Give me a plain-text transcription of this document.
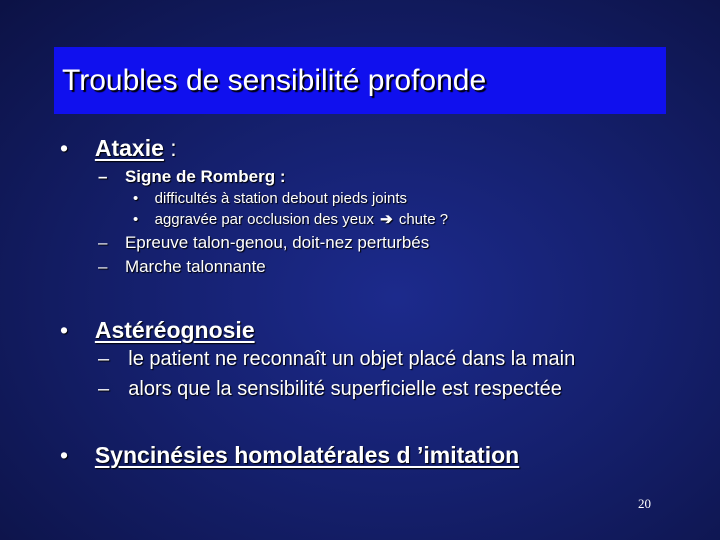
Troubles de sensibilité profonde
• Ataxie :
– Signe de Romberg :
• difficultés à station debout pieds joints
• aggravée par occlusion des yeux ➔ chute ?
– Epreuve talon-genou, doit-nez perturbés
– Marche talonnante
• Astéréognosie
– le patient ne reconnaît un objet placé dans la main
– alors que la sensibilité superficielle est respectée
• Syncinésies homolatérales d ’imitation
20
